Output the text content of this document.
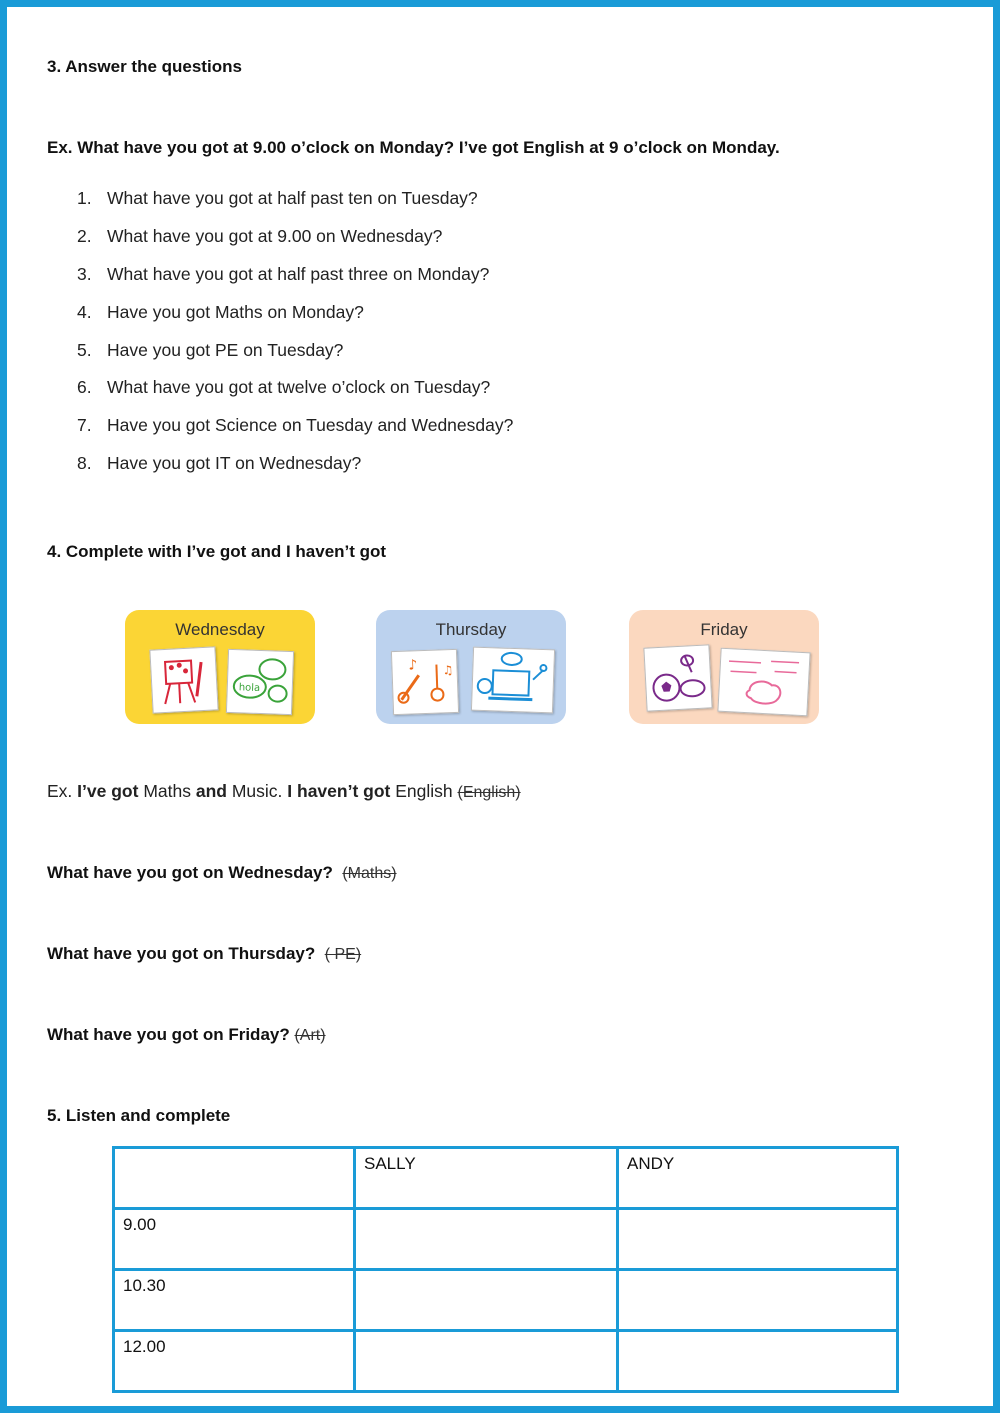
3. Answer the questions
Ex. What have you got at 9.00 o’clock on Monday? I’ve got English at 9 o’clock on Monday.
1. What have you got at half past ten on Tuesday?
2. What have you got at 9.00 on Wednesday?
3. What have you got at half past three on Monday?
4. Have you got Maths on Monday?
5. Have you got PE on Tuesday?
6. What have you got at twelve o’clock on Tuesday?
7. Have you got Science on Tuesday and Wednesday?
8. Have you got IT on Wednesday?
4. Complete with I’ve got and I haven’t got
Wednesday
hola
Thursday
♪ ♫
Friday
Ex. I’ve got Maths and Music. I haven’t got English (English)
What have you got on Wednesday? (Maths)
What have you got on Thursday? ( PE)
What have you got on Friday? (Art)
5. Listen and complete
	SALLY	ANDY
9.00		
10.30		
12.00		
